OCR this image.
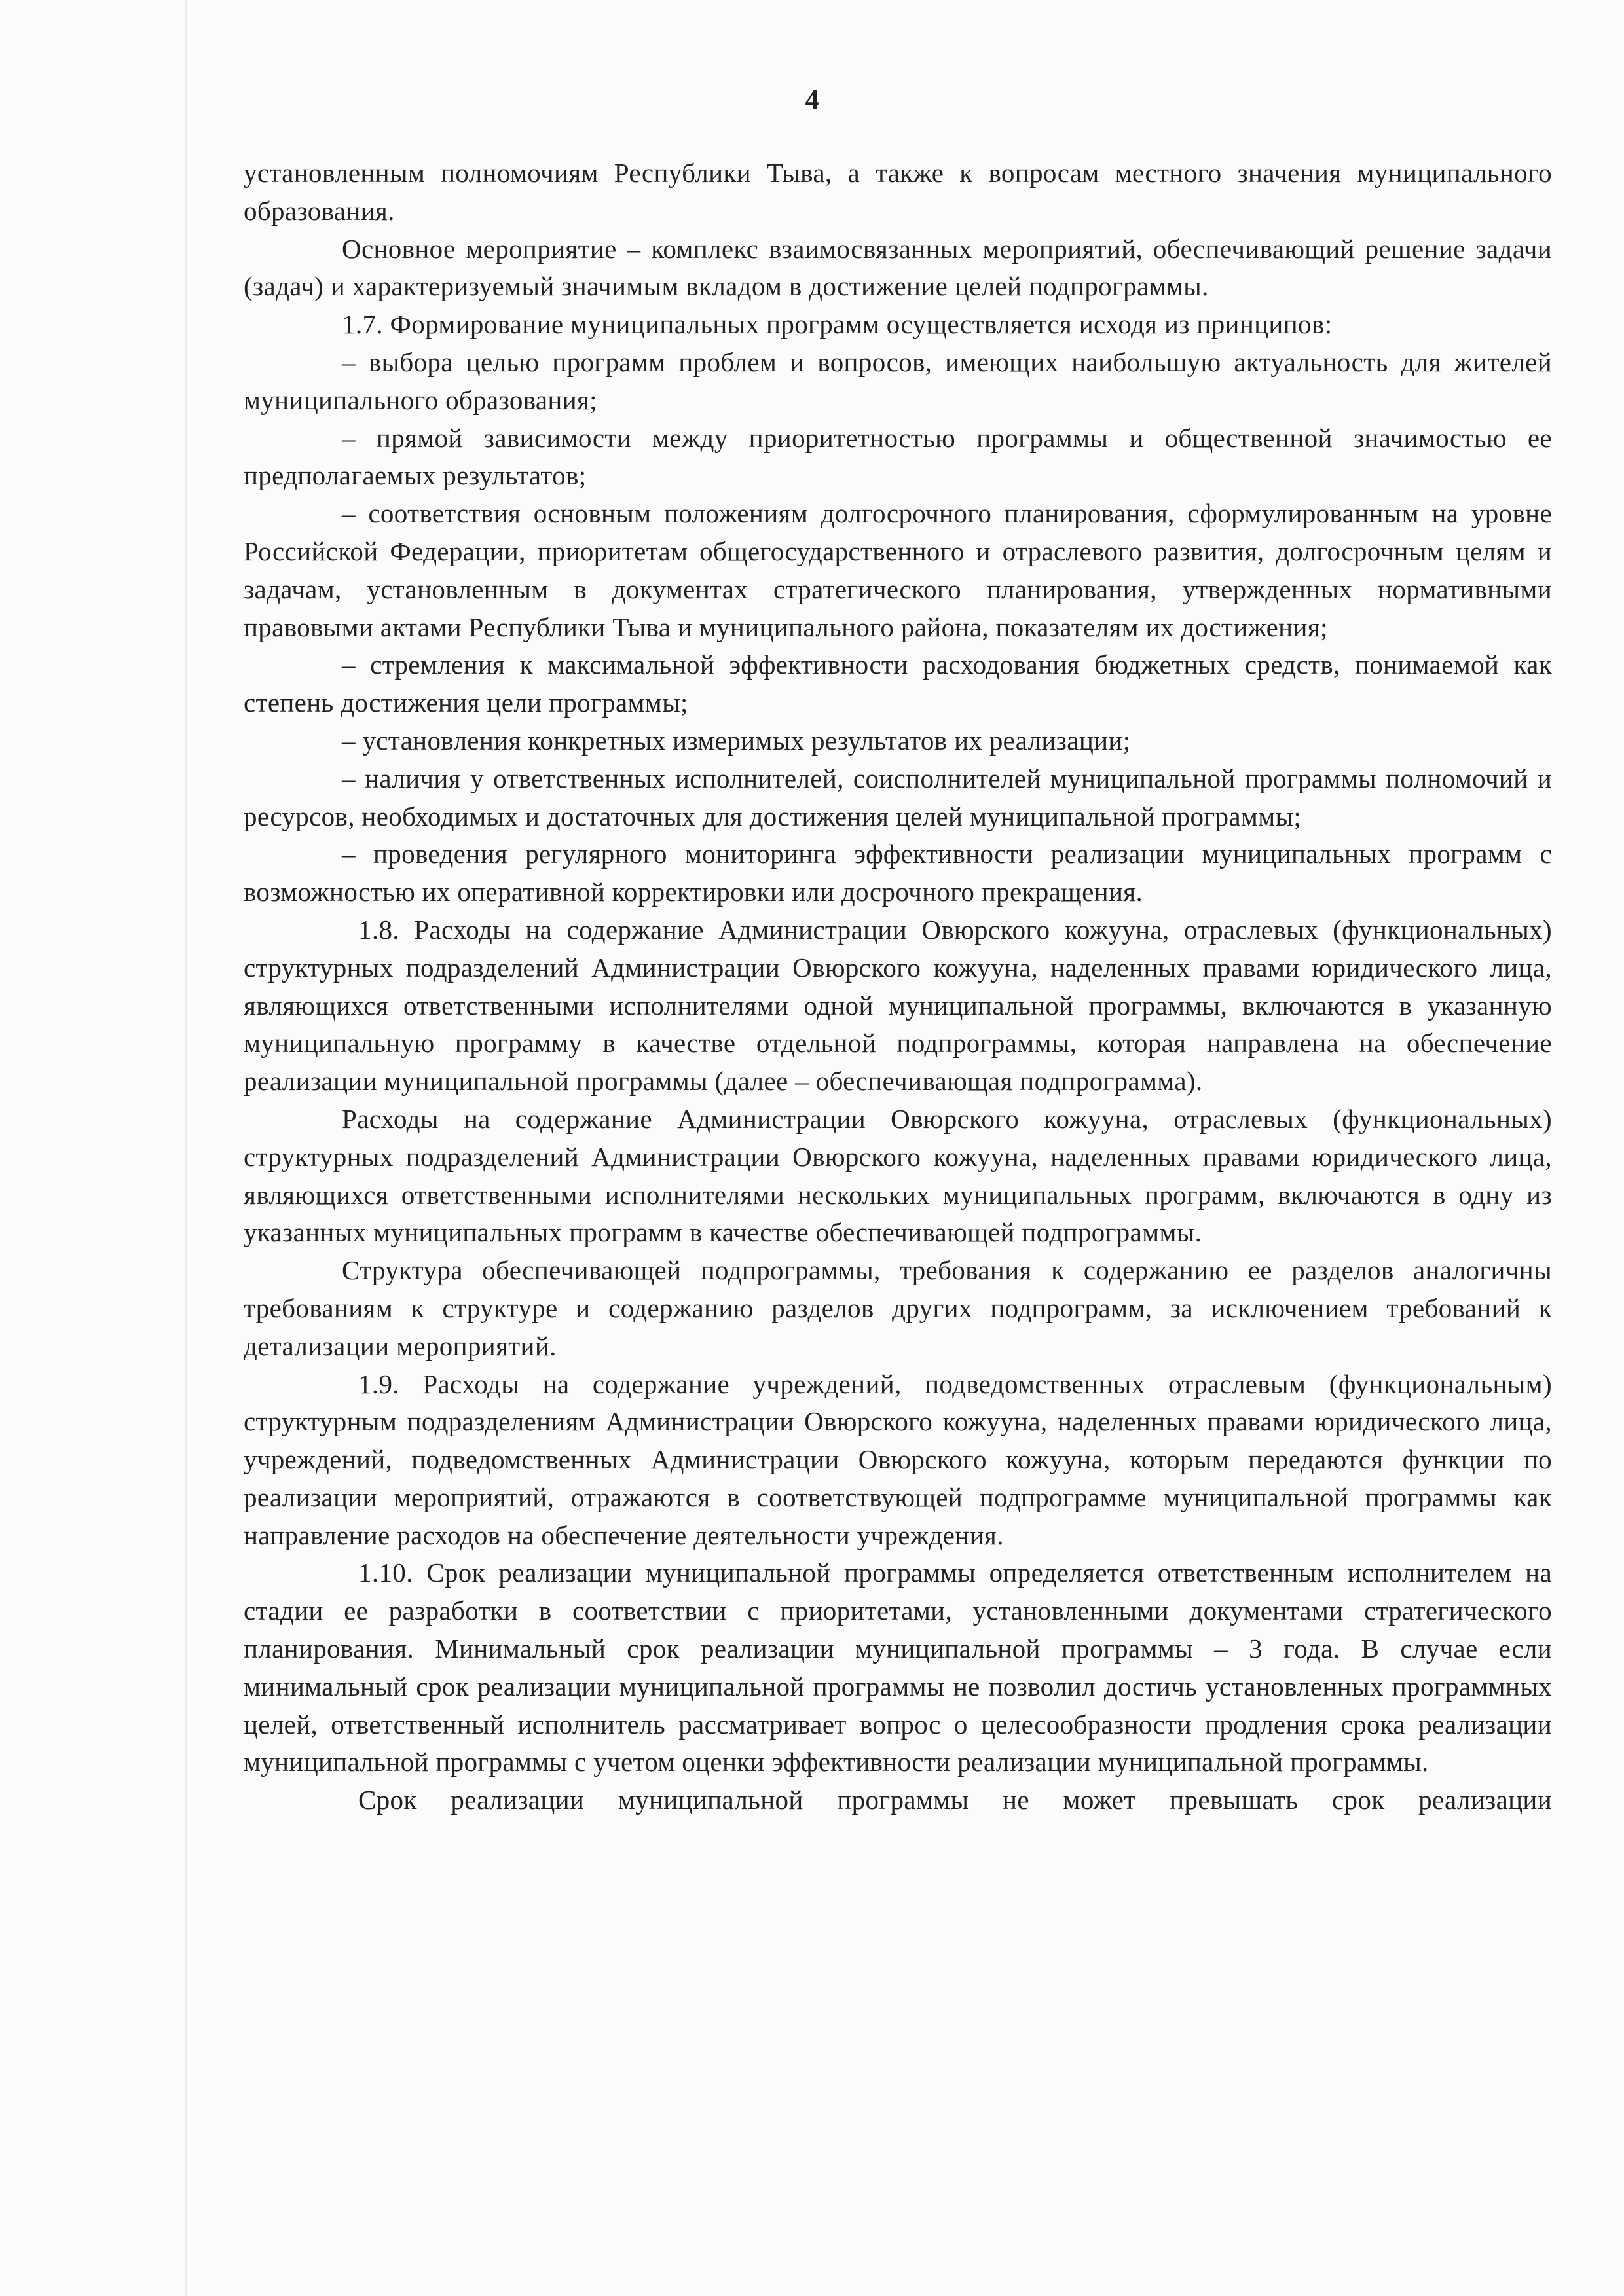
4

установленным полномочиям Республики Тыва, а также к вопросам местного значения муниципального образования.

Основное мероприятие – комплекс взаимосвязанных мероприятий, обеспечивающий решение задачи (задач) и характеризуемый значимым вкладом в достижение целей подпрограммы.

1.7. Формирование муниципальных программ осуществляется исходя из принципов:

– выбора целью программ проблем и вопросов, имеющих наибольшую актуальность для жителей муниципального образования;

– прямой зависимости между приоритетностью программы и общественной значимостью ее предполагаемых результатов;

– соответствия основным положениям долгосрочного планирования, сформулированным на уровне Российской Федерации, приоритетам общегосударственного и отраслевого развития, долгосрочным целям и задачам, установленным в документах стратегического планирования, утвержденных нормативными правовыми актами Республики Тыва и муниципального района, показателям их достижения;

– стремления к максимальной эффективности расходования бюджетных средств, понимаемой как степень достижения цели программы;

– установления конкретных измеримых результатов их реализации;

– наличия у ответственных исполнителей, соисполнителей муниципальной программы полномочий и ресурсов, необходимых и достаточных для достижения целей муниципальной программы;

– проведения регулярного мониторинга эффективности реализации муниципальных программ с возможностью их оперативной корректировки или досрочного прекращения.

1.8. Расходы на содержание Администрации Овюрского кожууна, отраслевых (функциональных) структурных подразделений Администрации Овюрского кожууна, наделенных правами юридического лица, являющихся ответственными исполнителями одной муниципальной программы, включаются в указанную муниципальную программу в качестве отдельной подпрограммы, которая направлена на обеспечение реализации муниципальной программы (далее – обеспечивающая подпрограмма).

Расходы на содержание Администрации Овюрского кожууна, отраслевых (функциональных) структурных подразделений Администрации Овюрского кожууна, наделенных правами юридического лица, являющихся ответственными исполнителями нескольких муниципальных программ, включаются в одну из указанных муниципальных программ в качестве обеспечивающей подпрограммы.

Структура обеспечивающей подпрограммы, требования к содержанию ее разделов аналогичны требованиям к структуре и содержанию разделов других подпрограмм, за исключением требований к детализации мероприятий.

1.9. Расходы на содержание учреждений, подведомственных отраслевым (функциональным) структурным подразделениям Администрации Овюрского кожууна, наделенных правами юридического лица, учреждений, подведомственных Администрации Овюрского кожууна, которым передаются функции по реализации мероприятий, отражаются в соответствующей подпрограмме муниципальной программы как направление расходов на обеспечение деятельности учреждения.

1.10. Срок реализации муниципальной программы определяется ответственным исполнителем на стадии ее разработки в соответствии с приоритетами, установленными документами стратегического планирования. Минимальный срок реализации муниципальной программы – 3 года. В случае если минимальный срок реализации муниципальной программы не позволил достичь установленных программных целей, ответственный исполнитель рассматривает вопрос о целесообразности продления срока реализации муниципальной программы с учетом оценки эффективности реализации муниципальной программы.

Срок реализации муниципальной программы не может превышать срок реализации
